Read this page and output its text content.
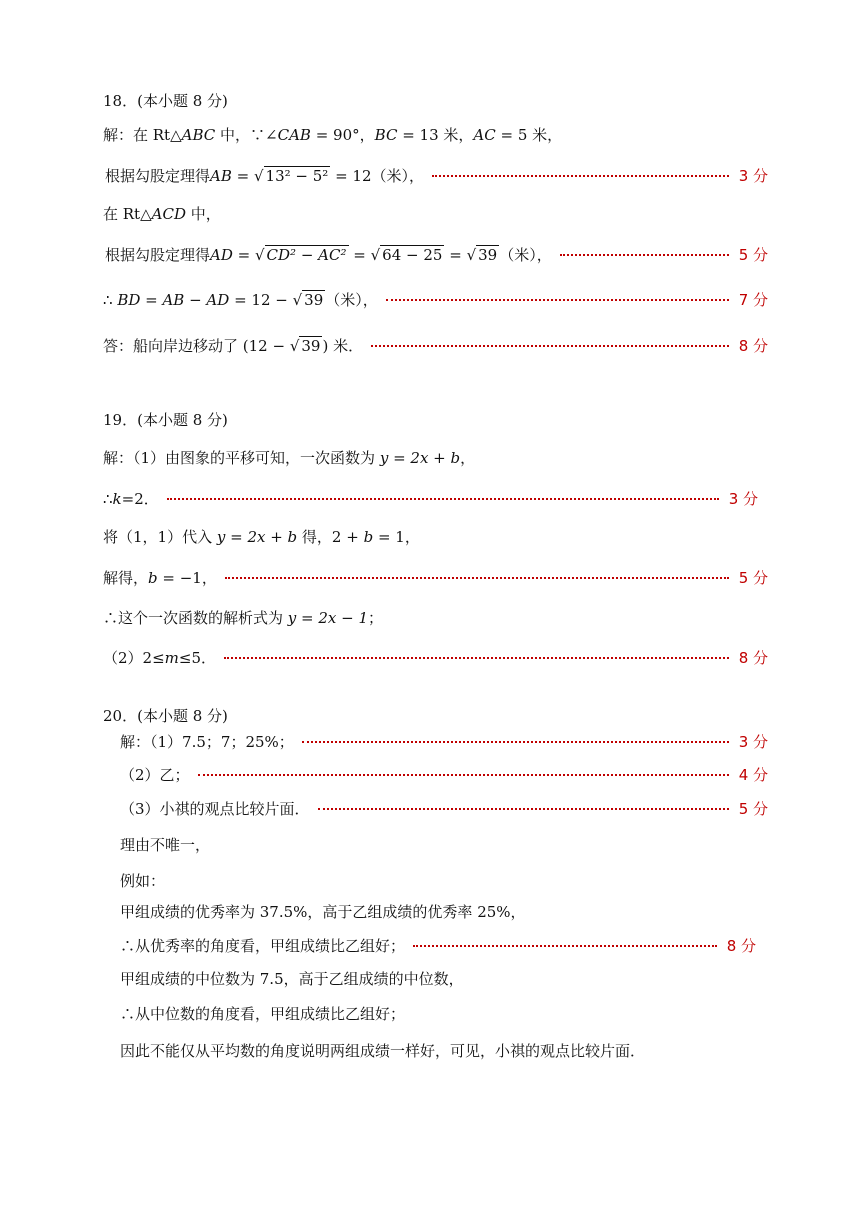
18．(本小题 8 分)
解：在 Rt△ABC 中，∵∠CAB = 90°，BC = 13 米，AC = 5 米，
根据勾股定理得AB = √ 13² − 5² = 12（米），	3 分
在 Rt△ACD 中，
根据勾股定理得AD = √ CD² − AC² = √ 64 − 25 = √ 39 （米），	5 分
∴ BD = AB − AD = 12 − √ 39 （米），	7 分
答：船向岸边移动了 (12 − √ 39 ) 米．	8 分
19．(本小题 8 分)
解：（1）由图象的平移可知，一次函数为 y = 2x + b，
∴k=2．	3 分
将（1，1）代入 y = 2x + b 得，2 + b = 1，
解得，b = −1，	5 分
∴这个一次函数的解析式为 y = 2x − 1；
（2）2≤m≤5．	8 分
20．(本小题 8 分)
解：（1）7.5；7；25%；	3 分
（2）乙；	4 分
（3）小祺的观点比较片面．	5 分
理由不唯一，
例如：
甲组成绩的优秀率为 37.5%，高于乙组成绩的优秀率 25%，
∴从优秀率的角度看，甲组成绩比乙组好；	8 分
甲组成绩的中位数为 7.5，高于乙组成绩的中位数，
∴从中位数的角度看，甲组成绩比乙组好；
因此不能仅从平均数的角度说明两组成绩一样好，可见，小祺的观点比较片面．
